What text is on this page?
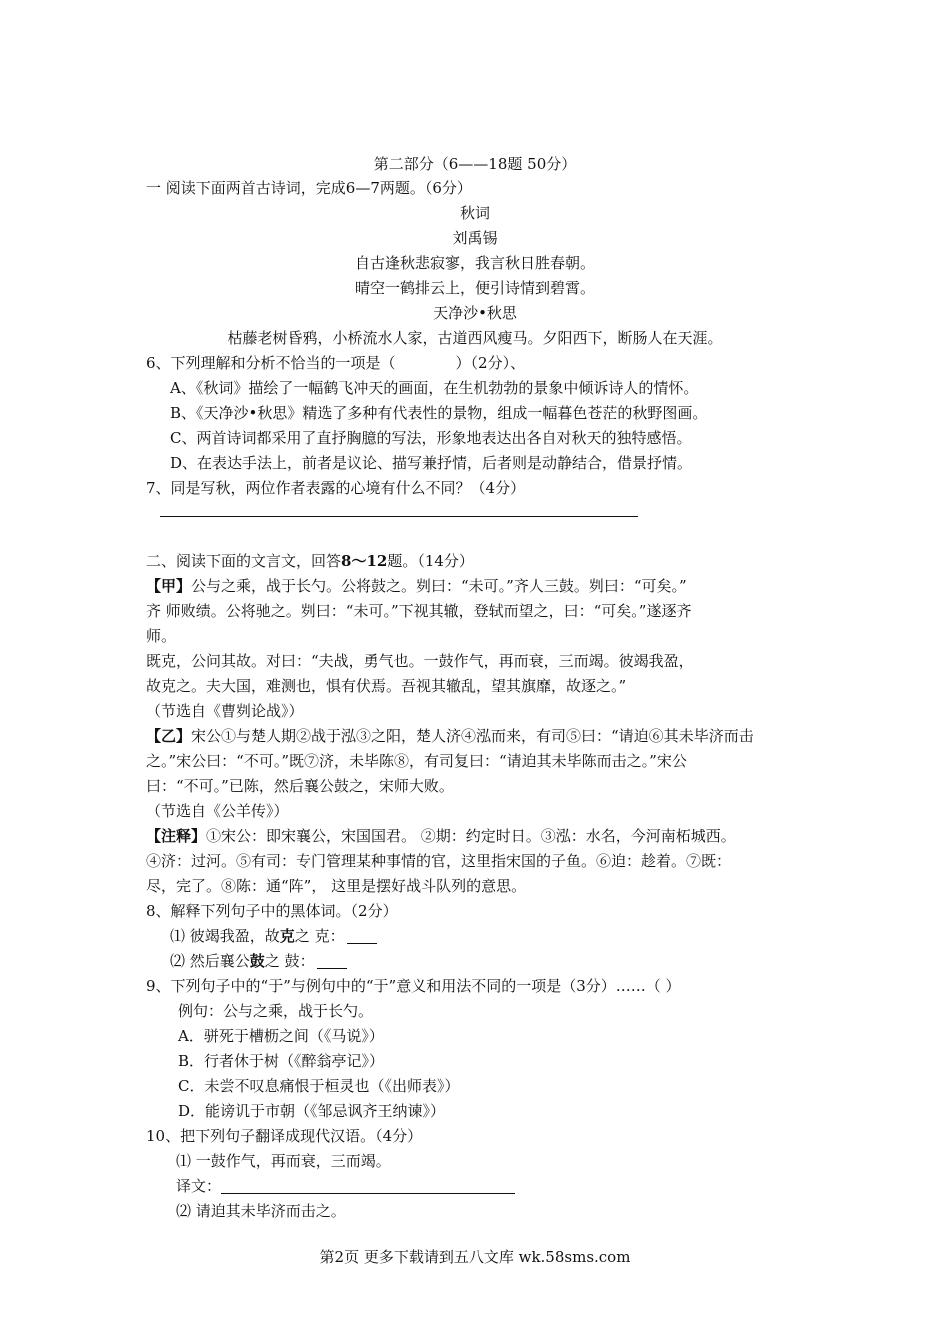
第二部分（6——18题 50分）
一 阅读下面两首古诗词，完成6—7两题。（6分）
秋词
刘禹锡
自古逢秋悲寂寥，我言秋日胜春朝。
晴空一鹤排云上，便引诗情到碧霄。
天净沙•秋思
枯藤老树昏鸦，小桥流水人家，古道西风瘦马。夕阳西下，断肠人在天涯。
6、下列理解和分析不恰当的一项是（	）（2分）、
A、《秋词》描绘了一幅鹤飞冲天的画面，在生机勃勃的景象中倾诉诗人的情怀。
B、《天净沙•秋思》精选了多种有代表性的景物，组成一幅暮色苍茫的秋野图画。
C、两首诗词都采用了直抒胸臆的写法，形象地表达出各自对秋天的独特感悟。
D、在表达手法上，前者是议论、描写兼抒情，后者则是动静结合，借景抒情。
7、同是写秋，两位作者表露的心境有什么不同？（4分）
二、阅读下面的文言文，回答8～12题。（14分）
【甲】公与之乘，战于长勺。公将鼓之。刿曰：“未可。”齐人三鼓。刿曰：“可矣。”
齐 师败绩。公将驰之。刿曰：“未可。”下视其辙，登轼而望之，曰：“可矣。”遂逐齐
师。
既克，公问其故。对曰：“夫战，勇气也。一鼓作气，再而衰，三而竭。彼竭我盈，
故克之。夫大国，难测也，惧有伏焉。吾视其辙乱，望其旗靡，故逐之。”
（节选自《曹刿论战》）
【乙】宋公①与楚人期②战于泓③之阳，楚人济④泓而来，有司⑤曰：“请迫⑥其未毕济而击
之。”宋公曰：“不可。”既⑦济，未毕陈⑧，有司复曰：“请迫其未毕陈而击之。”宋公
曰：“不可。”已陈，然后襄公鼓之，宋师大败。
（节选自《公羊传》）
【注释】①宋公：即宋襄公，宋国国君。 ②期：约定时日。③泓：水名，今河南柘城西。
④济：过河。⑤有司：专门管理某种事情的官，这里指宋国的子鱼。⑥迫：趁着。⑦既：
尽，完了。⑧陈：通“阵”， 这里是摆好战斗队列的意思。
8、解释下列句子中的黑体词。（2分）
⑴ 彼竭我盈，故克之 克：
⑵ 然后襄公鼓之 鼓：
9、下列句子中的“于”与例句中的“于”意义和用法不同的一项是（3分）……（ ）
例句：公与之乘，战于长勺。
A．骈死于槽枥之间（《马说》）
B．行者休于树（《醉翁亭记》）
C．未尝不叹息痛恨于桓灵也（《出师表》）
D．能谤讥于市朝（《邹忌讽齐王纳谏》）
10、把下列句子翻译成现代汉语。（4分）
⑴ 一鼓作气，再而衰，三而竭。
译文：
⑵ 请迫其未毕济而击之。
第2页 更多下载请到五八文库 wk.58sms.com
